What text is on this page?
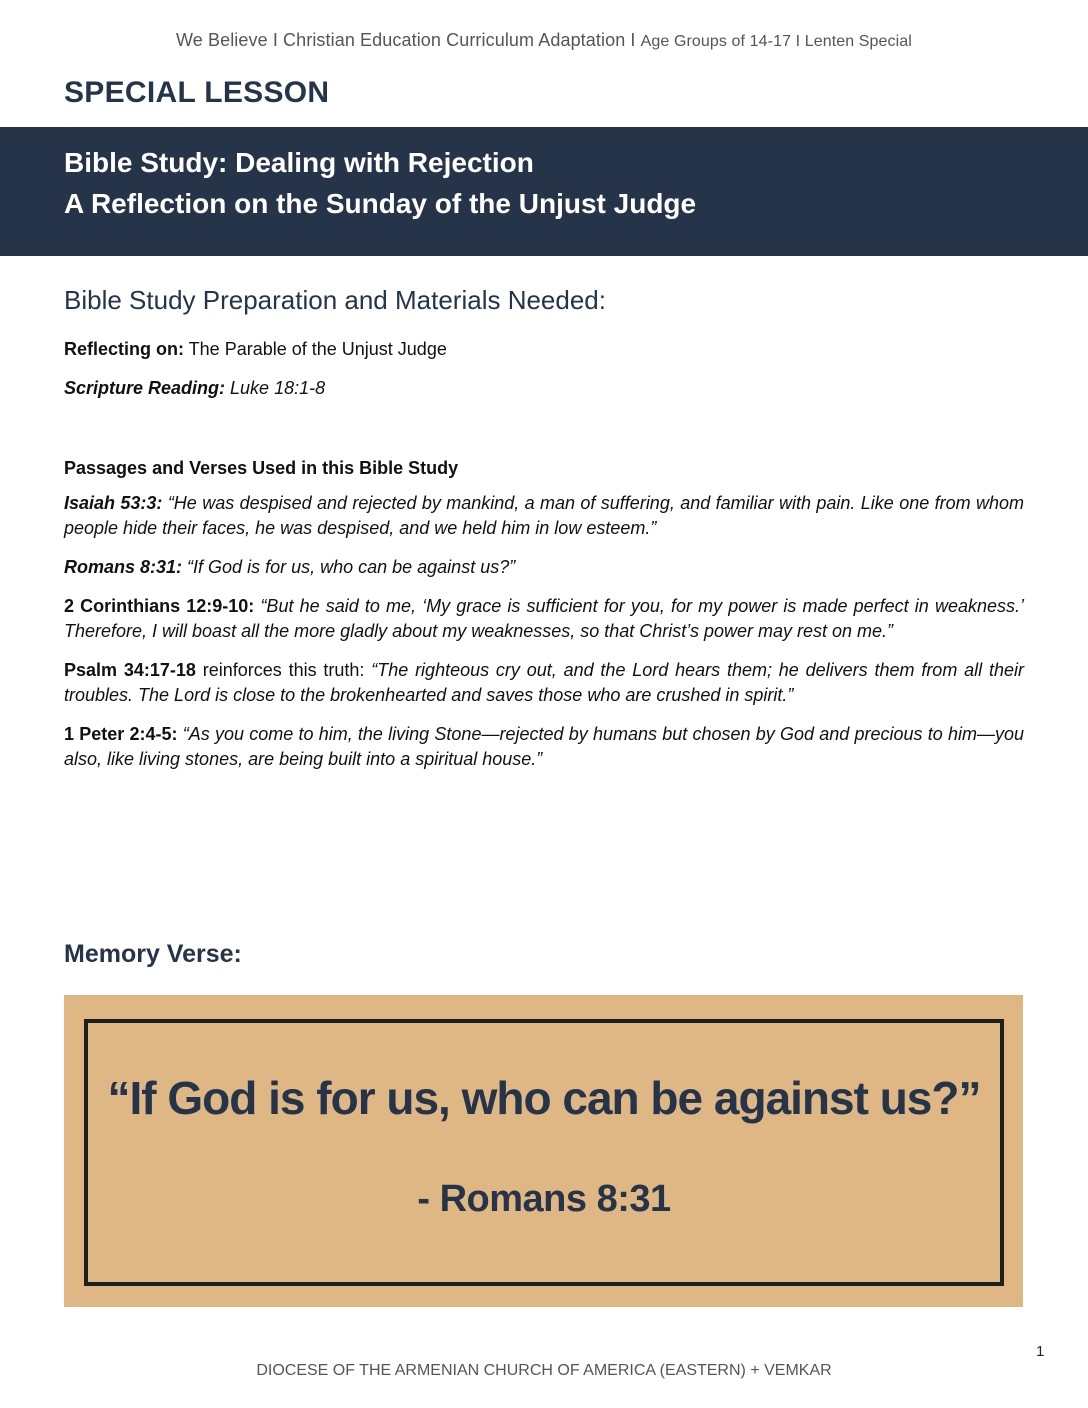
We Believe I Christian Education Curriculum Adaptation I Age Groups of 14-17 I Lenten Special
SPECIAL LESSON
Bible Study: Dealing with Rejection
A Reflection on the Sunday of the Unjust Judge
Bible Study Preparation and Materials Needed:
Reflecting on: The Parable of the Unjust Judge
Scripture Reading: Luke 18:1-8
Passages and Verses Used in this Bible Study
Isaiah 53:3: “He was despised and rejected by mankind, a man of suffering, and familiar with pain. Like one from whom people hide their faces, he was despised, and we held him in low esteem.”
Romans 8:31: “If God is for us, who can be against us?”
2 Corinthians 12:9-10: “But he said to me, ‘My grace is sufficient for you, for my power is made perfect in weakness.’ Therefore, I will boast all the more gladly about my weaknesses, so that Christ’s power may rest on me.”
Psalm 34:17-18 reinforces this truth: “The righteous cry out, and the Lord hears them; he delivers them from all their troubles. The Lord is close to the brokenhearted and saves those who are crushed in spirit.”
1 Peter 2:4-5: “As you come to him, the living Stone—rejected by humans but chosen by God and precious to him—you also, like living stones, are being built into a spiritual house.”
Memory Verse:
“If God is for us, who can be against us?”
- Romans 8:31
1
DIOCESE OF THE ARMENIAN CHURCH OF AMERICA (EASTERN) + VEMKAR
